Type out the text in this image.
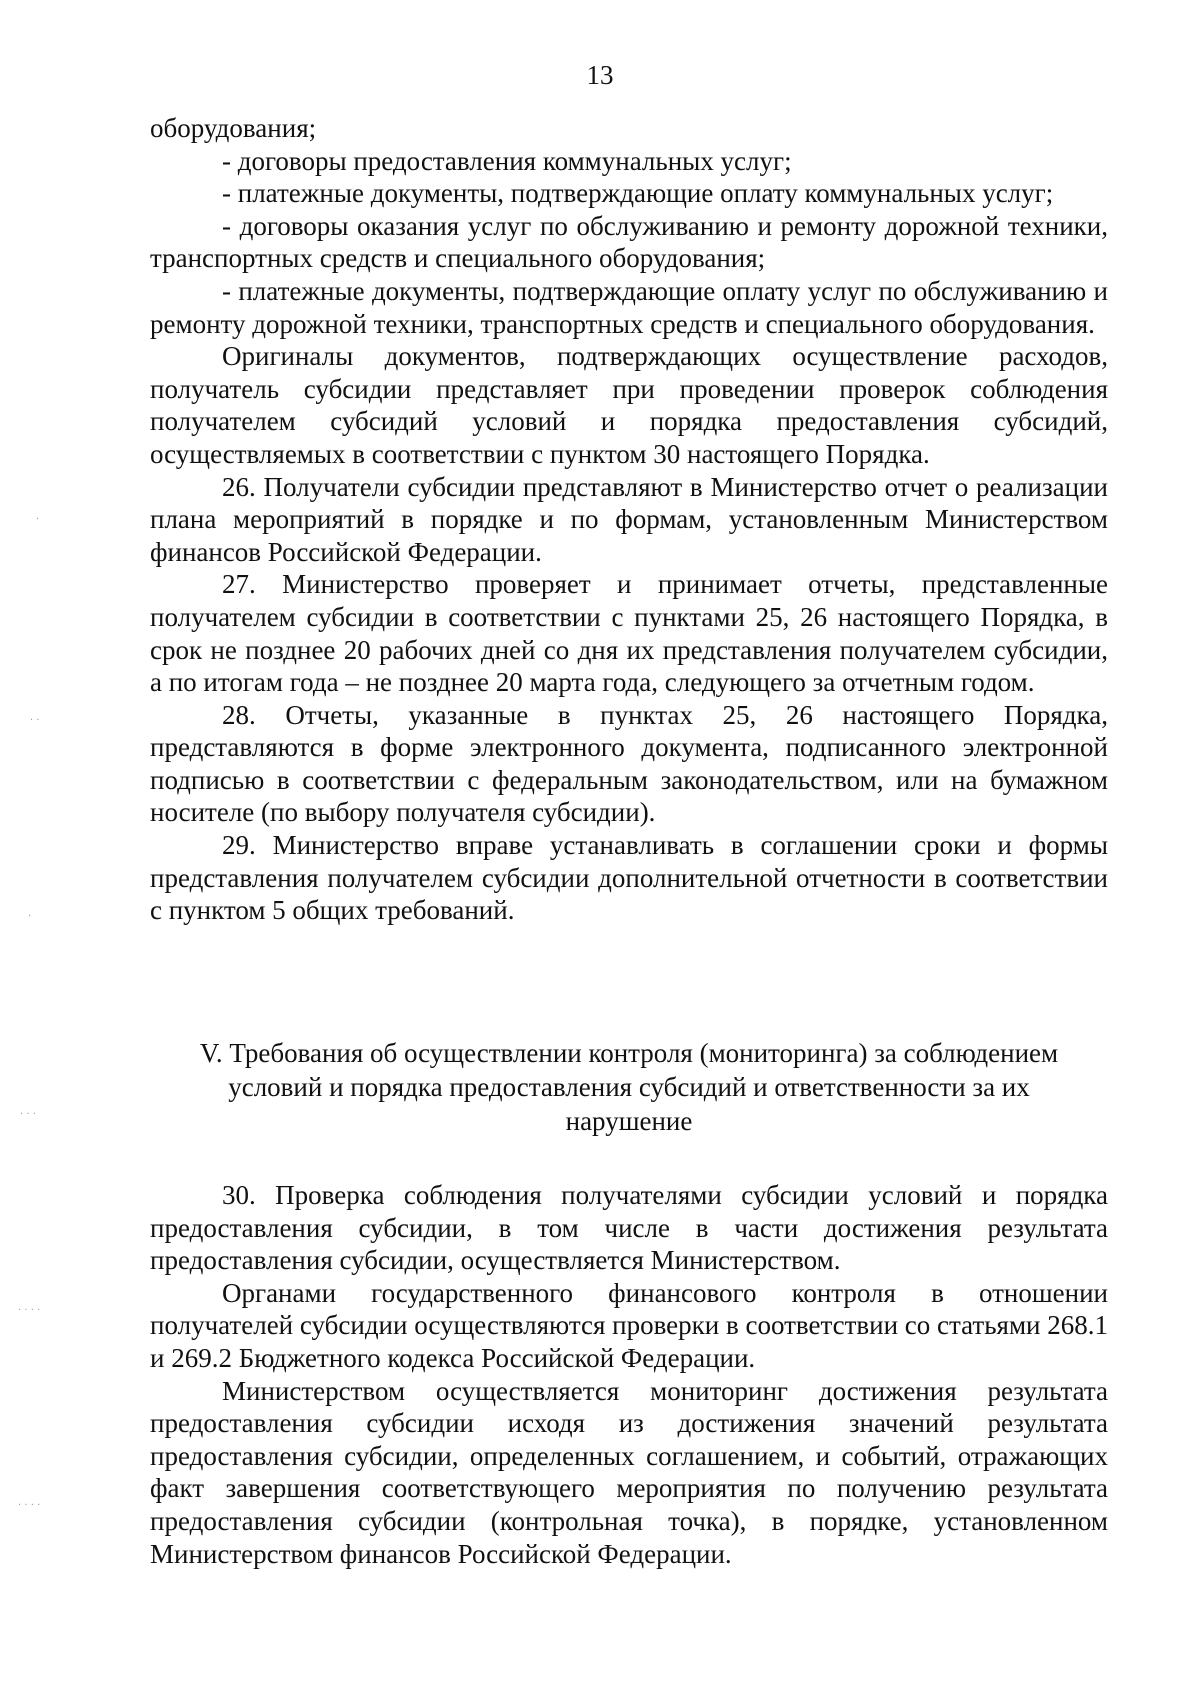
13

оборудования;

- договоры предоставления коммунальных услуг;

- платежные документы, подтверждающие оплату коммунальных услуг;

- договоры оказания услуг по обслуживанию и ремонту дорожной техники, транспортных средств и специального оборудования;

- платежные документы, подтверждающие оплату услуг по обслуживанию и ремонту дорожной техники, транспортных средств и специального оборудования.

Оригиналы документов, подтверждающих осуществление расходов, получатель субсидии представляет при проведении проверок соблюдения получателем субсидий условий и порядка предоставления субсидий, осуществляемых в соответствии с пунктом 30 настоящего Порядка.

26. Получатели субсидии представляют в Министерство отчет о реализации плана мероприятий в порядке и по формам, установленным Министерством финансов Российской Федерации.

27. Министерство проверяет и принимает отчеты, представленные получателем субсидии в соответствии с пунктами 25, 26 настоящего Порядка, в срок не позднее 20 рабочих дней со дня их представления получателем субсидии, а по итогам года – не позднее 20 марта года, следующего за отчетным годом.

28. Отчеты, указанные в пунктах 25, 26 настоящего Порядка, представляются в форме электронного документа, подписанного электронной подписью в соответствии с федеральным законодательством, или на бумажном носителе (по выбору получателя субсидии).

29. Министерство вправе устанавливать в соглашении сроки и формы представления получателем субсидии дополнительной отчетности в соответствии с пунктом 5 общих требований.

V. Требования об осуществлении контроля (мониторинга) за соблюдением
условий и порядка предоставления субсидий и ответственности за их
нарушение

30. Проверка соблюдения получателями субсидии условий и порядка предоставления субсидии, в том числе в части достижения результата предоставления субсидии, осуществляется Министерством.

Органами государственного финансового контроля в отношении получателей субсидии осуществляются проверки в соответствии со статьями 268.1 и 269.2 Бюджетного кодекса Российской Федерации.

Министерством осуществляется мониторинг достижения результата предоставления субсидии исходя из достижения значений результата предоставления субсидии, определенных соглашением, и событий, отражающих факт завершения соответствующего мероприятия по получению результата предоставления субсидии (контрольная точка), в порядке, установленном Министерством финансов Российской Федерации.

·
· ·
·
· · ·
· · · ·
· · · ·
